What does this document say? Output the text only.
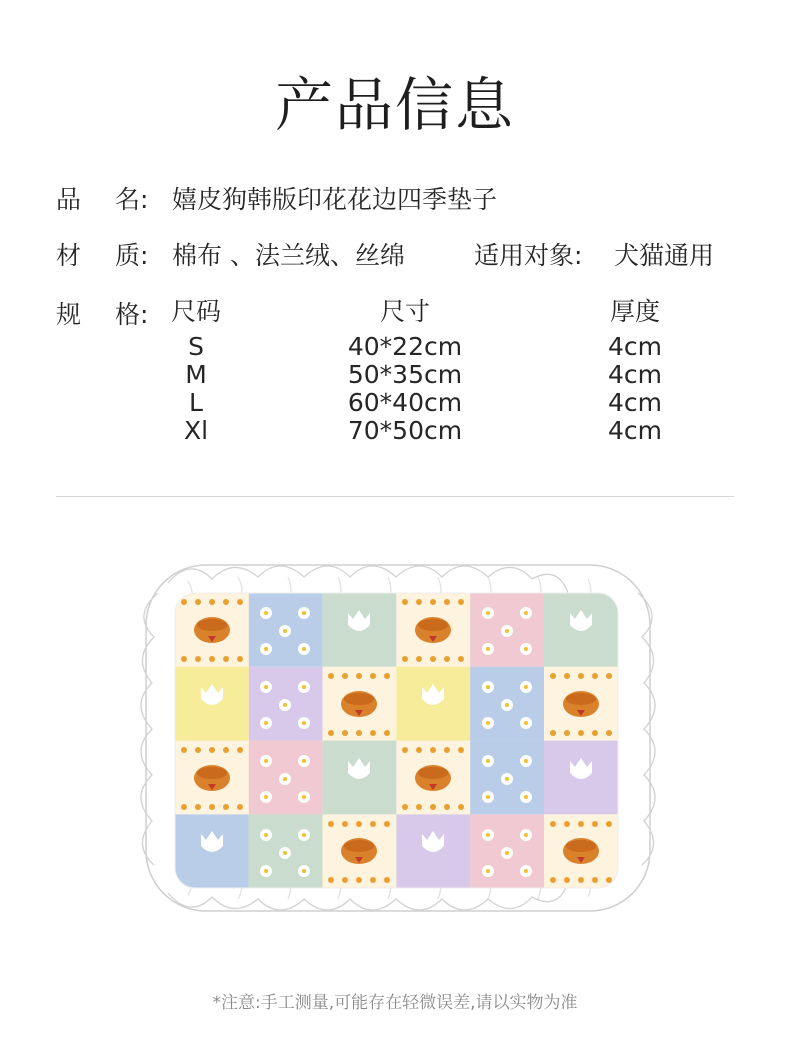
产品信息
品 名: 嬉皮狗韩版印花花边四季垫子
材 质: 棉布 、法兰绒、丝绵	适用对象: 犬猫通用
规 格: 尺码	尺寸	厚度
S	40*22cm	4cm
M	50*35cm	4cm
L	60*40cm	4cm
Xl	70*50cm	4cm
*注意:手工测量,可能存在轻微误差,请以实物为准
